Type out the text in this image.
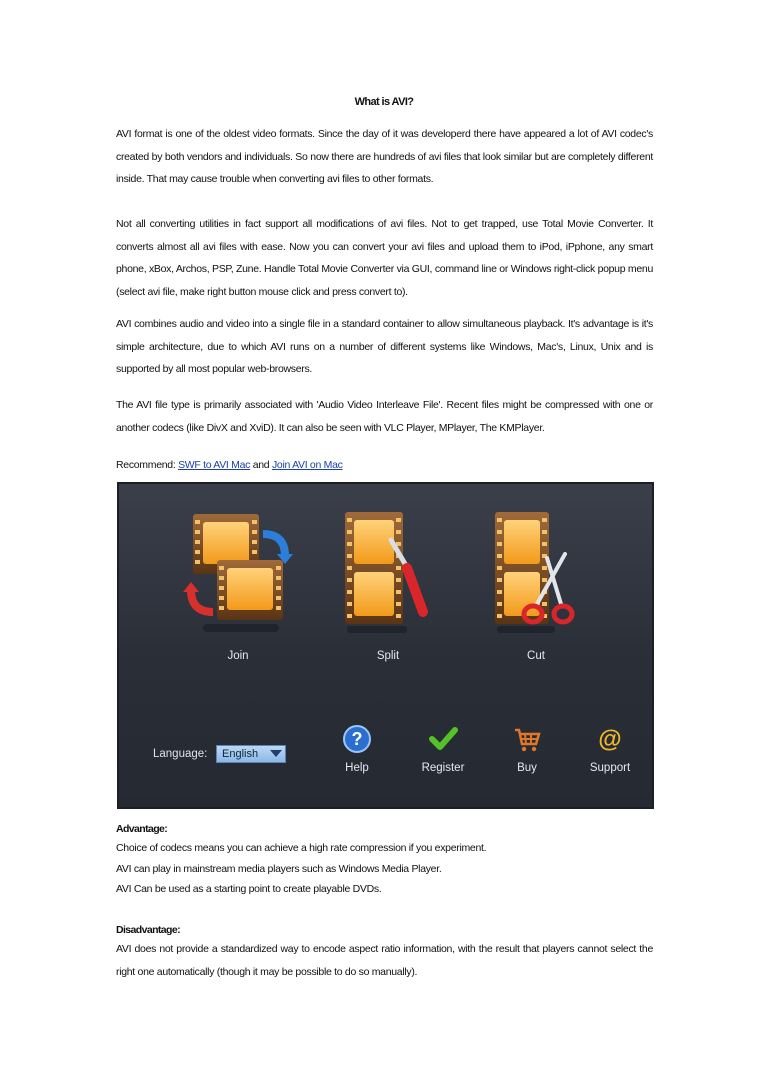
What is AVI?

AVI format is one of the oldest video formats. Since the day of it was developerd there have appeared a lot of AVI codec's created by both vendors and individuals. So now there are hundreds of avi files that look similar but are completely different inside. That may cause trouble when converting avi files to other formats.

Not all converting utilities in fact support all modifications of avi files. Not to get trapped, use Total Movie Converter. It converts almost all avi files with ease. Now you can convert your avi files and upload them to iPod, iPphone, any smart phone, xBox, Archos, PSP, Zune. Handle Total Movie Converter via GUI, command line or Windows right-click popup menu (select avi file, make right button mouse click and press convert to).

AVI combines audio and video into a single file in a standard container to allow simultaneous playback. It's advantage is it's simple architecture, due to which AVI runs on a number of different systems like Windows, Mac's, Linux, Unix and is supported by all most popular web-browsers.

The AVI file type is primarily associated with 'Audio Video Interleave File'. Recent files might be compressed with one or another codecs (like DivX and XviD). It can also be seen with VLC Player, MPlayer, The KMPlayer.

Recommend: SWF to AVI Mac and Join AVI on Mac

Join	Split	Cut
Language:	English
?
Help	Register	Buy
@
Support
Advantage:

Choice of codecs means you can achieve a high rate compression if you experiment.

AVI can play in mainstream media players such as Windows Media Player.

AVI Can be used as a starting point to create playable DVDs.

Disadvantage:

AVI does not provide a standardized way to encode aspect ratio information, with the result that players cannot select the right one automatically (though it may be possible to do so manually).
